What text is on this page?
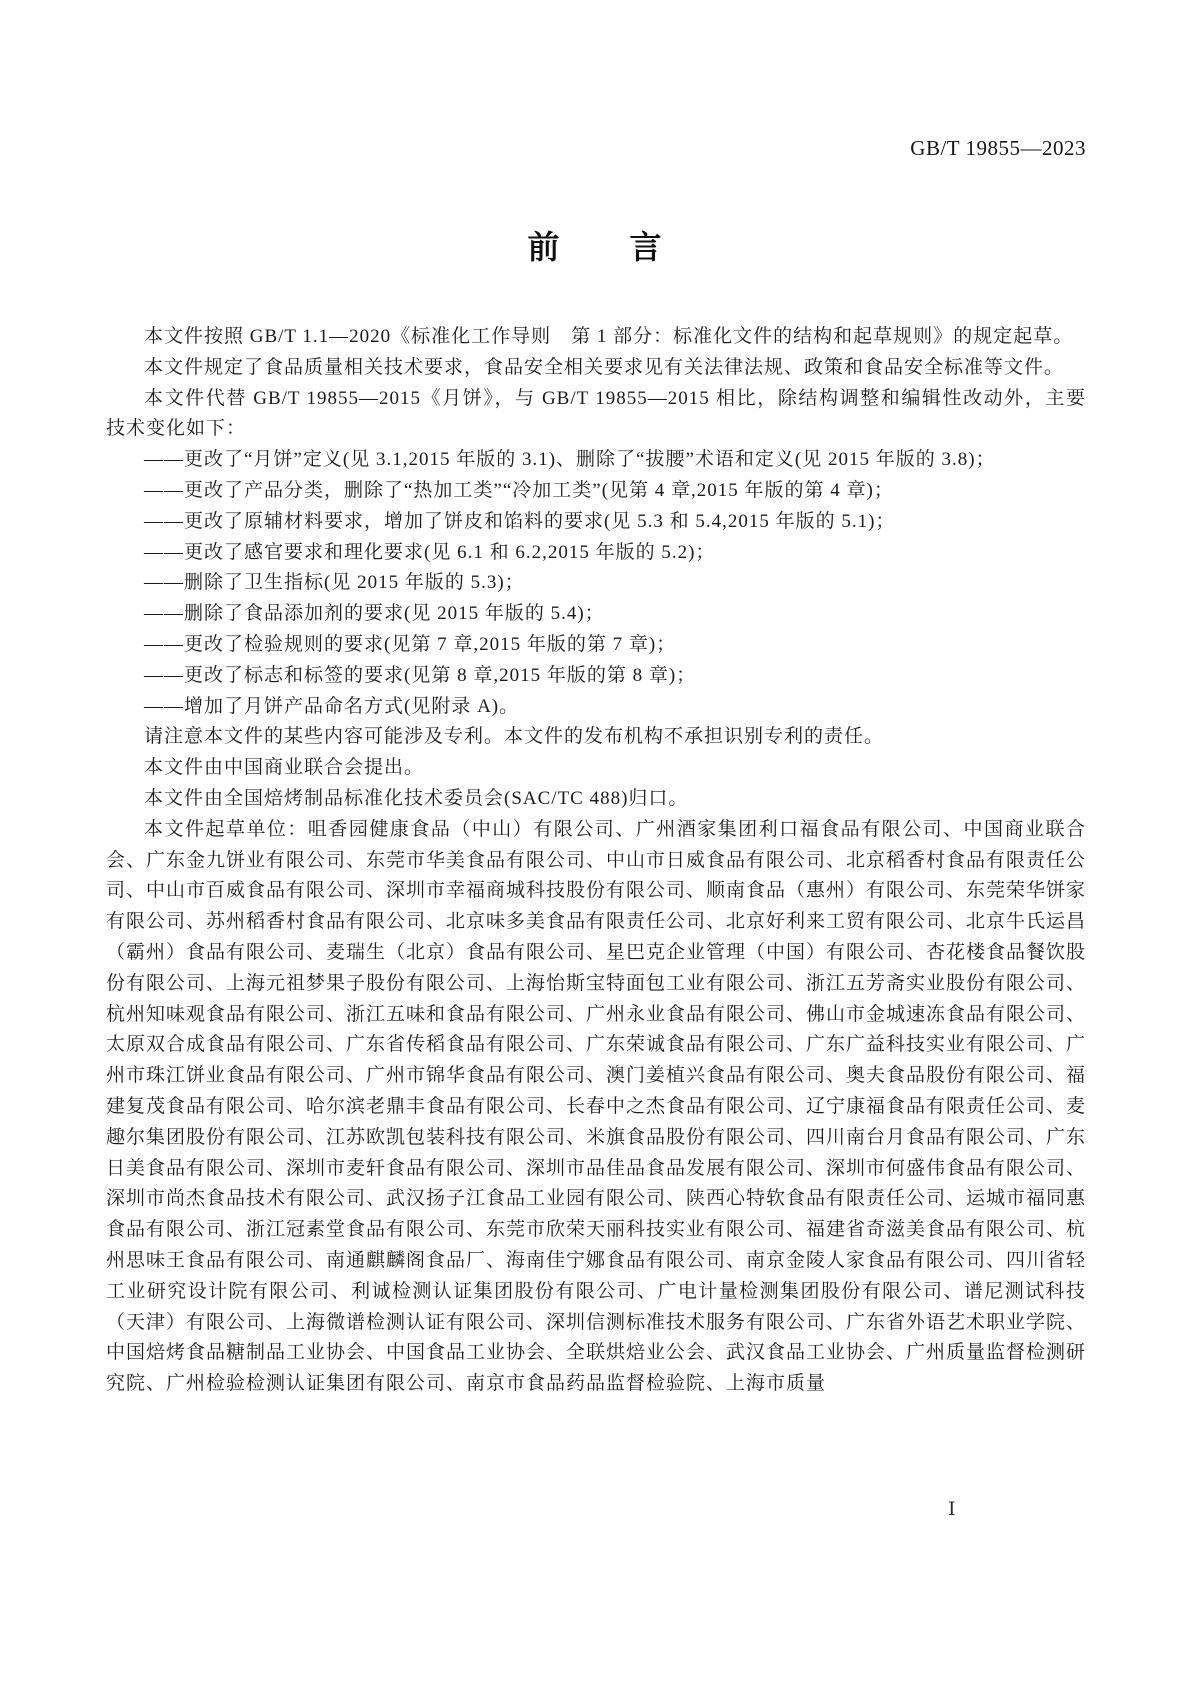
GB/T 19855—2023
前　　言

本文件按照 GB/T 1.1—2020《标准化工作导则　第 1 部分：标准化文件的结构和起草规则》的规定起草。

本文件规定了食品质量相关技术要求，食品安全相关要求见有关法律法规、政策和食品安全标准等文件。

本文件代替 GB/T 19855—2015《月饼》，与 GB/T 19855—2015 相比，除结构调整和编辑性改动外，主要技术变化如下：

——更改了“月饼”定义(见 3.1,2015 年版的 3.1)、删除了“拔腰”术语和定义(见 2015 年版的 3.8)；

——更改了产品分类，删除了“热加工类”“冷加工类”(见第 4 章,2015 年版的第 4 章)；

——更改了原辅材料要求，增加了饼皮和馅料的要求(见 5.3 和 5.4,2015 年版的 5.1)；

——更改了感官要求和理化要求(见 6.1 和 6.2,2015 年版的 5.2)；

——删除了卫生指标(见 2015 年版的 5.3)；

——删除了食品添加剂的要求(见 2015 年版的 5.4)；

——更改了检验规则的要求(见第 7 章,2015 年版的第 7 章)；

——更改了标志和标签的要求(见第 8 章,2015 年版的第 8 章)；

——增加了月饼产品命名方式(见附录 A)。

请注意本文件的某些内容可能涉及专利。本文件的发布机构不承担识别专利的责任。

本文件由中国商业联合会提出。

本文件由全国焙烤制品标准化技术委员会(SAC/TC 488)归口。

本文件起草单位：咀香园健康食品（中山）有限公司、广州酒家集团利口福食品有限公司、中国商业联合会、广东金九饼业有限公司、东莞市华美食品有限公司、中山市日威食品有限公司、北京稻香村食品有限责任公司、中山市百威食品有限公司、深圳市幸福商城科技股份有限公司、顺南食品（惠州）有限公司、东莞荣华饼家有限公司、苏州稻香村食品有限公司、北京味多美食品有限责任公司、北京好利来工贸有限公司、北京牛氏运昌（霸州）食品有限公司、麦瑞生（北京）食品有限公司、星巴克企业管理（中国）有限公司、杏花楼食品餐饮股份有限公司、上海元祖梦果子股份有限公司、上海怡斯宝特面包工业有限公司、浙江五芳斋实业股份有限公司、杭州知味观食品有限公司、浙江五味和食品有限公司、广州永业食品有限公司、佛山市金城速冻食品有限公司、太原双合成食品有限公司、广东省传稻食品有限公司、广东荣诚食品有限公司、广东广益科技实业有限公司、广州市珠江饼业食品有限公司、广州市锦华食品有限公司、澳门姜植兴食品有限公司、奥夫食品股份有限公司、福建复茂食品有限公司、哈尔滨老鼎丰食品有限公司、长春中之杰食品有限公司、辽宁康福食品有限责任公司、麦趣尔集团股份有限公司、江苏欧凯包装科技有限公司、米旗食品股份有限公司、四川南台月食品有限公司、广东日美食品有限公司、深圳市麦轩食品有限公司、深圳市品佳品食品发展有限公司、深圳市何盛伟食品有限公司、深圳市尚杰食品技术有限公司、武汉扬子江食品工业园有限公司、陕西心特软食品有限责任公司、运城市福同惠食品有限公司、浙江冠素堂食品有限公司、东莞市欣荣天丽科技实业有限公司、福建省奇滋美食品有限公司、杭州思味王食品有限公司、南通麒麟阁食品厂、海南佳宁娜食品有限公司、南京金陵人家食品有限公司、四川省轻工业研究设计院有限公司、利诚检测认证集团股份有限公司、广电计量检测集团股份有限公司、谱尼测试科技（天津）有限公司、上海微谱检测认证有限公司、深圳信测标准技术服务有限公司、广东省外语艺术职业学院、中国焙烤食品糖制品工业协会、中国食品工业协会、全联烘焙业公会、武汉食品工业协会、广州质量监督检测研究院、广州检验检测认证集团有限公司、南京市食品药品监督检验院、上海市质量

Ⅰ
